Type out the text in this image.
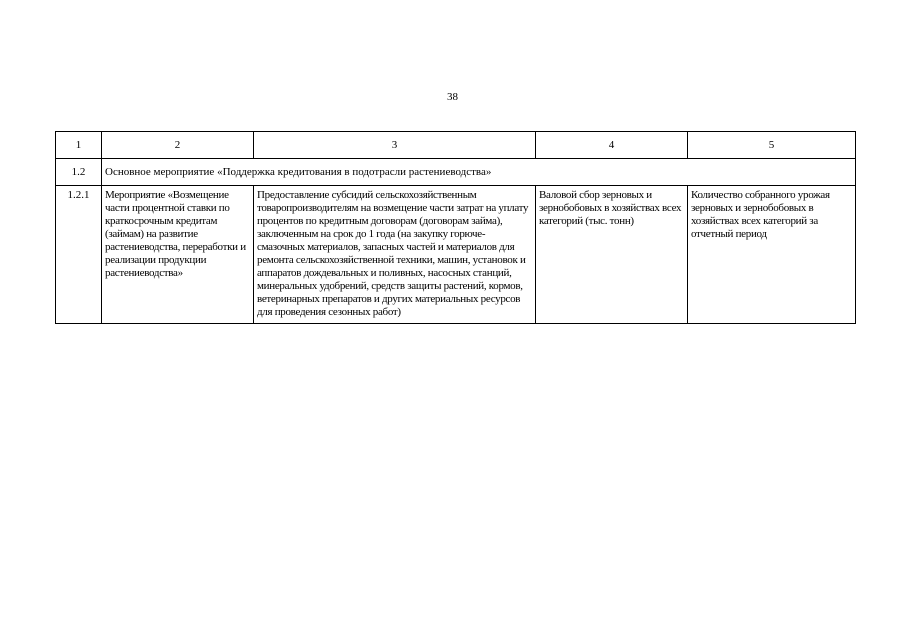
38
1	2	3	4	5
1.2	Основное мероприятие «Поддержка кредитования в подотрасли растениеводства»			
1.2.1	Мероприятие «Возмещение части процентной ставки по краткосрочным кредитам (займам) на развитие растениеводства, переработки и реализации продукции растениеводства»	Предоставление субсидий сельскохозяйственным товаропроизводителям на возмещение части затрат на уплату процентов по кредитным договорам (договорам займа), заключенным на срок до 1 года (на закупку горюче-смазочных материалов, запасных частей и материалов для ремонта сельскохозяйственной техники, машин, установок и аппаратов дождевальных и поливных, насосных станций, минеральных удобрений, средств защиты растений, кормов, ветеринарных препаратов и других материальных ресурсов для проведения сезонных работ)	Валовой сбор зерновых и зернобобовых в хозяйствах всех категорий (тыс. тонн)	Количество собранного урожая зерновых и зернобобовых в хозяйствах всех категорий за отчетный период
